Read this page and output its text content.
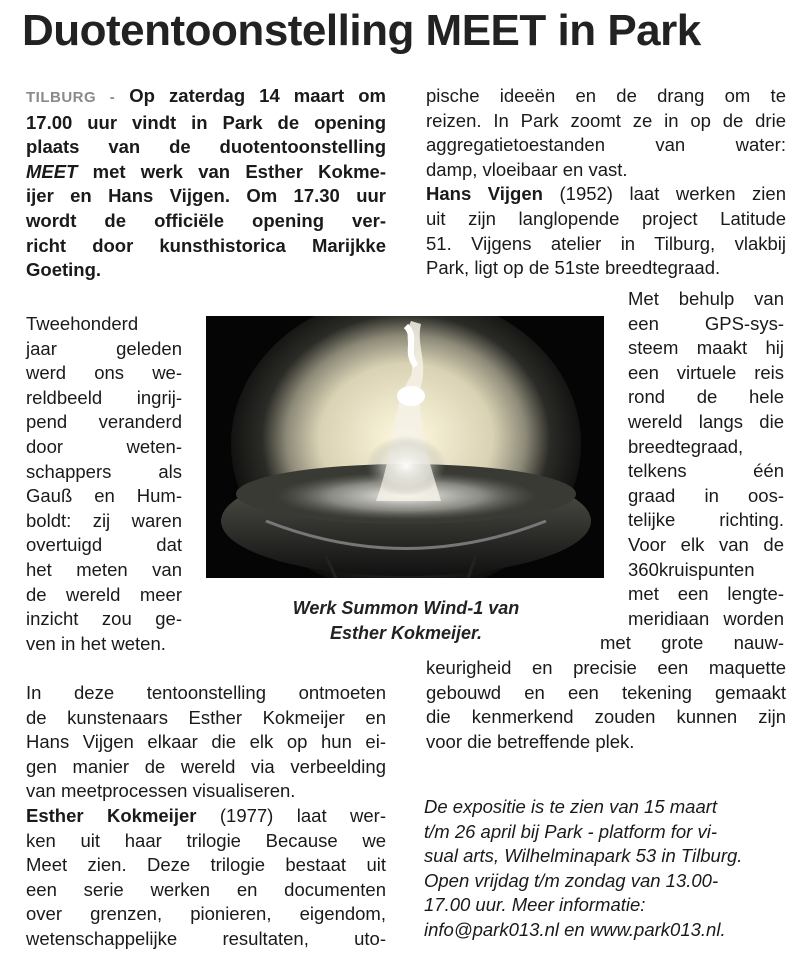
Duotentoonstelling MEET in Park
TILBURG - Op zaterdag 14 maart om
17.00 uur vindt in Park de opening
plaats van de duotentoonstelling
MEET met werk van Esther Kokme-
ijer en Hans Vijgen. Om 17.30 uur
wordt de officiële opening ver-
richt door kunsthistorica Marijkke
Goeting.
Tweehonderd
jaar geleden
werd ons we-
reldbeeld ingrij-
pend veranderd
door weten-
schappers als
Gauß en Hum-
boldt: zij waren
overtuigd dat
het meten van
de wereld meer
inzicht zou ge-
ven in het weten.
In deze tentoonstelling ontmoeten
de kunstenaars Esther Kokmeijer en
Hans Vijgen elkaar die elk op hun ei-
gen manier de wereld via verbeelding
van meetprocessen visualiseren.
Esther Kokmeijer (1977) laat wer-
ken uit haar trilogie Because we
Meet zien. Deze trilogie bestaat uit
een serie werken en documenten
over grenzen, pionieren, eigendom,
wetenschappelijke resultaten, uto-
pische ideeën en de drang om te
reizen. In Park zoomt ze in op de drie
aggregatietoestanden van water:
damp, vloeibaar en vast.
Hans Vijgen (1952) laat werken zien
uit zijn langlopende project Latitude
51. Vijgens atelier in Tilburg, vlakbij
Park, ligt op de 51ste breedtegraad.
Met behulp van
een GPS-sys-
steem maakt hij
een virtuele reis
rond de hele
wereld langs die
breedtegraad,
telkens één
graad in oos-
telijke richting.
Voor elk van de
360kruispunten
met een lengte-
meridiaan worden
met grote nauw-
keurigheid en precisie een maquette
gebouwd en een tekening gemaakt
die kenmerkend zouden kunnen zijn
voor die betreffende plek.
Werk Summon Wind-1 van
Esther Kokmeijer.
De expositie is te zien van 15 maart
t/m 26 april bij Park - platform for vi-
sual arts, Wilhelminapark 53 in Tilburg.
Open vrijdag t/m zondag van 13.00-
17.00 uur. Meer informatie:
info@park013.nl en www.park013.nl.
